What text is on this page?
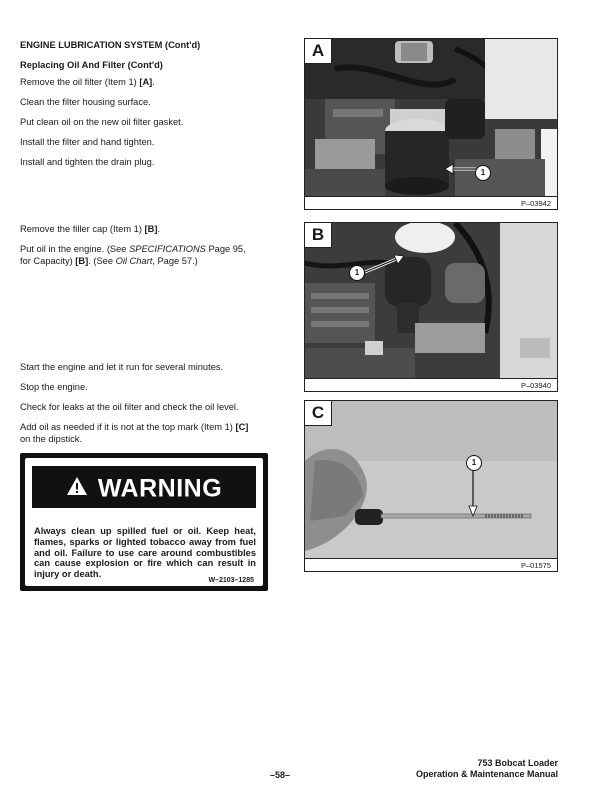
ENGINE LUBRICATION SYSTEM (Cont'd)
Replacing Oil And Filter (Cont'd)
Remove the oil filter (Item 1) [A].
Clean the filter housing surface.
Put clean oil on the new oil filter gasket.
Install the filter and hand tighten.
Install and tighten the drain plug.
Remove the filler cap (Item 1) [B].
Put oil in the engine. (See SPECIFICATIONS Page 95,
for Capacity) [B]. (See Oil Chart, Page 57.)
Start the engine and let it run for several minutes.
Stop the engine.
Check for leaks at the oil filter and check the oil level.
Add oil as needed if it is not at the top mark (Item 1) [C]
on the dipstick.
WARNING
Always clean up spilled fuel or oil. Keep heat, flames, sparks or lighted tobacco away from fuel and oil. Failure to use care around combustibles can cause explosion or fire which can result in injury or death.
W–2103–1285
A
1
P–03942
B
1
P–03940
C
1
P–01575
–58–
753 Bobcat Loader
Operation & Maintenance Manual
